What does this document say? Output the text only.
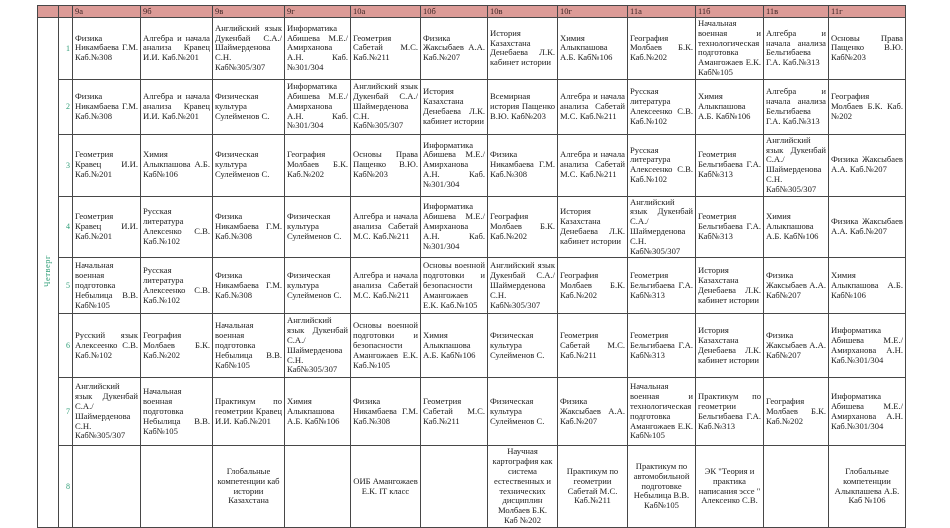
		9а	9б	9в	9г	10а	10б	10в	10г	11а	11б	11в	11г
Четверг	1	Физика Никамбаева Г.М. Каб.№308	Алгебра и начала анализа Кравец И.И. Каб.№201	Английский язык Дукенбай С.А./ Шаймерденова С.Н. Каб№305/307	Информатика Абишева М.Е./ Амирханова А.Н. Каб.№301/304	Геометрия Сабетай М.С. Каб.№211	Физика Жаксыбаев А.А. Каб.№207	История Казахстана Денебаева Л.К. кабинет истории	Химия Алыкпашова А.Б. Каб№106	География Молбаев Б.К. Каб.№202	Начальная военная и технологическая подготовка Амангожаев Е.К. Каб№105	Алгебра и начала анализа Бельгибаева Г.А. Каб.№313	Основы Права Пащенко В.Ю. Каб№203
	2	Физика Никамбаева Г.М. Каб.№308	Алгебра и начала анализа Кравец И.И. Каб.№201	Физическая культура Сулейменов С.	Информатика Абишева М.Е./ Амирханова А.Н. Каб.№301/304	Английский язык Дукенбай С.А./ Шаймерденова С.Н. Каб№305/307	История Казахстана Денебаева Л.К. кабинет истории	Всемирная история Пащенко В.Ю. Каб№203	Алгебра и начала анализа Сабетай М.С. Каб.№211	Русская литература Алексеенко С.В. Каб.№102	Химия Алыкпашова А.Б. Каб№106	Алгебра и начала анализа Бельгибаева Г.А. Каб.№313	География Молбаев Б.К. Каб.№202
	3	Геометрия Кравец И.И. Каб.№201	Химия Алыкпашова А.Б. Каб№106	Физическая культура Сулейменов С.	География Молбаев Б.К. Каб.№202	Основы Права Пащенко В.Ю. Каб№203	Информатика Абишева М.Е./ Амирханова А.Н. Каб.№301/304	Физика Никамбаева Г.М. Каб.№308	Алгебра и начала анализа Сабетай М.С. Каб.№211	Русская литература Алексеенко С.В. Каб.№102	Геометрия Бельгибаева Г.А. Каб№313	Английский язык Дукенбай С.А./ Шаймерденова С.Н. Каб№305/307	Физика Жаксыбаев А.А. Каб.№207
	4	Геометрия Кравец И.И. Каб.№201	Русская литература Алексенко С.В. Каб.№102	Физика Никамбаева Г.М. Каб.№308	Физическая культура Сулейменов С.	Алгебра и начала анализа Сабетай М.С. Каб.№211	Информатика Абишева М.Е./ Амирханова А.Н. Каб.№301/304	География Молбаев Б.К. Каб.№202	История Казахстана Денебаева Л.К. кабинет истории	Английский язык Дукенбай С.А./ Шаймерденова С.Н. Каб№305/307	Геометрия Бельгибаева Г.А. Каб№313	Химия Алыкпашова А.Б. Каб№106	Физика Жаксыбаев А.А. Каб.№207
	5	Начальная военная подготовка Небылица В.В. Каб№105	Русская литература Алексеенко С.В. Каб.№102	Физика Никамбаева Г.М. Каб.№308	Физическая культура Сулейменов С.	Алгебра и начала анализа Сабетай М.С. Каб.№211	Основы военной подготовки и безопасности Амангожаев Е.К. Каб.№105	Английский язык Дукенбай С.А./ Шаймерденова С.Н. Каб№305/307	География Молбаев Б.К. Каб.№202	Геометрия Бельгибаева Г.А. Каб№313	История Казахстана Денебаева Л.К. кабинет истории	Физика Жаксыбаев А.А. Каб№207	Химия Алыкпашова А.Б. Каб№106
	6	Русский язык Алексеенко С.В. Каб.№102	География Молбаев Б.К. Каб.№202	Начальная военная подготовка Небылица В.В. Каб№105	Английский язык Дукенбай С.А./ Шаймерденова С.Н. Каб№305/307	Основы военной подготовки и безопасности Амангожаев Е.К. Каб.№105	Химия Алыкпашова А.Б. Каб№106	Физическая культура Сулейменов С.	Геометрия Сабетай М.С. Каб.№211	Геометрия Бельгибаева Г.А. Каб№313	История Казахстана Денебаева Л.К. кабинет истории	Физика Жаксыбаев А.А. Каб№207	Информатика Абишева М.Е./ Амирханова А.Н. Каб.№301/304
	7	Английский язык Дукенбай С.А./ Шаймерденова С.Н. Каб№305/307	Начальная военная подготовка Небылица В.В. Каб№105	Практикум по геометрии Кравец И.И. Каб.№201	Химия Алыкпашова А.Б. Каб№106	Физика Никамбаева Г.М. Каб.№308	Геометрия Сабетай М.С. Каб.№211	Физическая культура Сулейменов С.	Физика Жаксыбаев А.А. Каб.№207	Начальная военная и технологическая подготовка Амангожаев Е.К. Каб№105	Практикум по геометрии Бельгибаева Г.А. Каб.№313	География Молбаев Б.К. Каб.№202	Информатика Абишева М.Е./ Амирханова А.Н. Каб.№301/304
	8			Глобальные компетенции каб истории Казахстана		ОИБ Амангожаев Е.К. IT класс		Научная картография как система естественных и технических дисциплин Молбаев Б.К. Каб №202	Практикум по геометрии Сабетай М.С. Каб.№211	Практикум по автомобильной подготовке Небылица В.В. Каб№105	ЭК "Теория и практика написания эссе " Алексенко С.В.		Глобальные компетенции Алыкпашева А.Б. Каб №106
